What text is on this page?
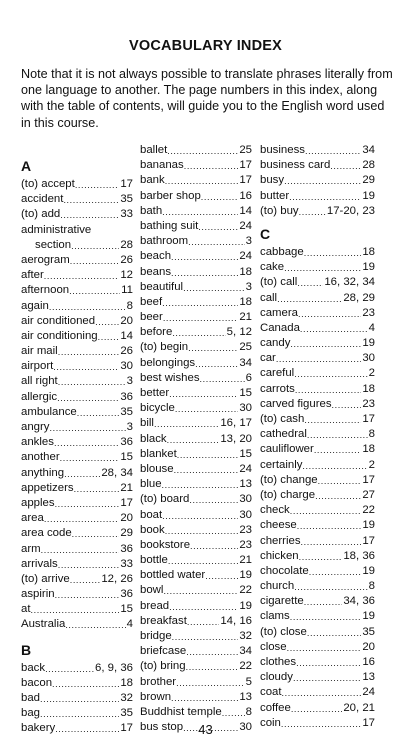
VOCABULARY INDEX
Note that it is not always possible to translate phrases literally from one language to another. The page numbers in this index, along with the table of contents, will guide you to the English word used in this course.
A
(to) accept .....	17
accident .....	35
(to) add .....	33
administrative
section .....	28
aerogram .....	26
after .....	12
afternoon .....	11
again .....	8
air conditioned ..... 20
air conditioning ..... 14
air mail .....	26
airport .....	30
all right .....	3
allergic .....	36
ambulance .....	35
angry .....	3
ankles .....	36
another .....	15
anything .....	28, 34
appetizers .....	21
apples .....	17
area .....	20
area code .....	29
arm .....	36
arrivals .....	33
(to) arrive .....	12, 26
aspirin .....	36
at .....	15
Australia .....	4
B
back .....	6, 9, 36
bacon .....	18
bad .....	32
bag .....	35
bakery .....	17
ballet .....	25
bananas .....	17
bank .....	17
barber shop .....	16
bath .....	14
bathing suit .....	24
bathroom .....	3
beach .....	24
beans .....	18
beautiful .....	3
beef .....	18
beer .....	21
before .....	5, 12
(to) begin .....	25
belongings .....	34
best wishes .....	6
better .....	15
bicycle .....	30
bill .....	16, 17
black .....	13, 20
blanket .....	15
blouse .....	24
blue .....	13
(to) board .....	30
boat .....	30
book .....	23
bookstore .....	23
bottle .....	21
bottled water .....	19
bowl .....	22
bread .....	19
breakfast .....	14, 16
bridge .....	32
briefcase .....	34
(to) bring .....	22
brother .....	5
brown .....	13
Buddhist temple ..... 8
bus stop .....	30
business .....	34
business card .....	28
busy .....	29
butter .....	19
(to) buy ..... 17-20, 23
C
cabbage .....	18
cake .....	19
(to) call ..... 16, 32, 34
call .....	28, 29
camera .....	23
Canada .....	4
candy .....	19
car .....	30
careful .....	2
carrots .....	18
carved figures .....	23
(to) cash .....	17
cathedral .....	8
cauliflower .....	18
certainly .....	2
(to) change .....	17
(to) charge .....	27
check .....	22
cheese .....	19
cherries .....	17
chicken .....	18, 36
chocolate .....	19
church .....	8
cigarette .....	34, 36
clams .....	19
(to) close .....	35
close .....	20
clothes .....	16
cloudy .....	13
coat .....	24
coffee .....	20, 21
coin .....	17
43
